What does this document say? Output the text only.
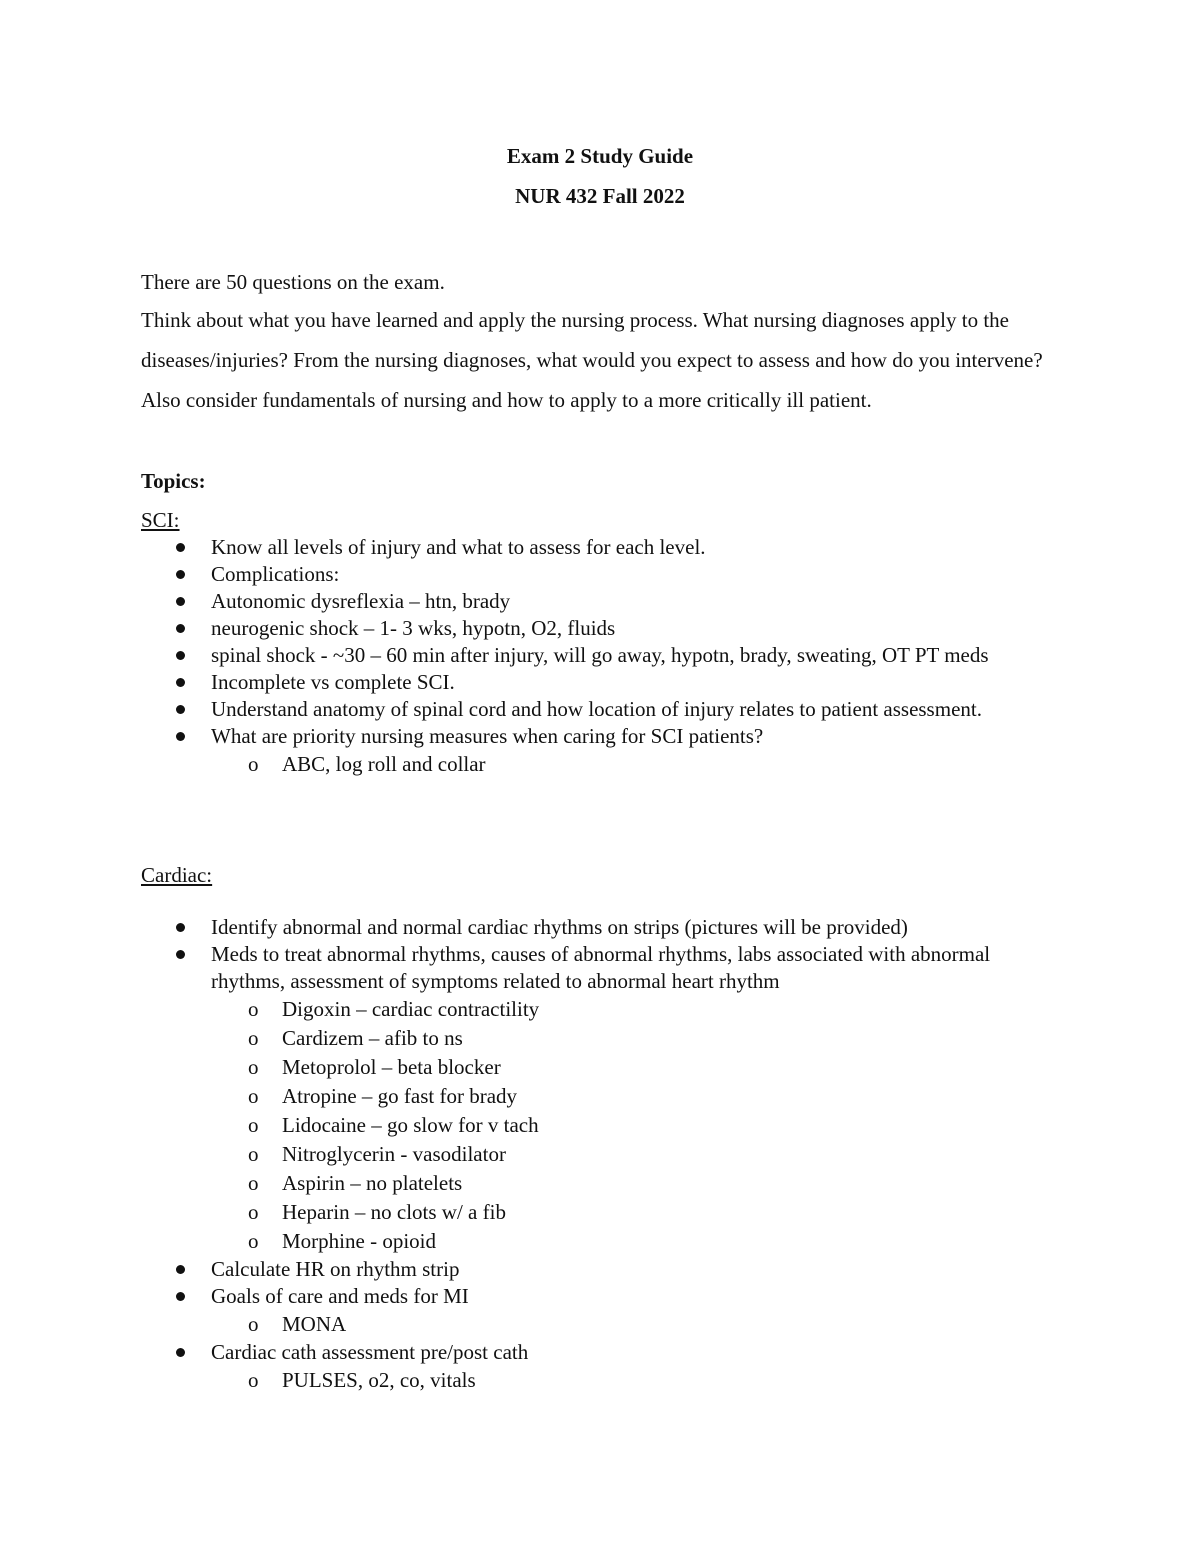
Exam 2 Study Guide
NUR 432 Fall 2022
There are 50 questions on the exam.
Think about what you have learned and apply the nursing process. What nursing diagnoses apply to the diseases/injuries? From the nursing diagnoses, what would you expect to assess and how do you intervene? Also consider fundamentals of nursing and how to apply to a more critically ill patient.
Topics:
SCI:
Know all levels of injury and what to assess for each level.
Complications:
Autonomic dysreflexia – htn, brady
neurogenic shock – 1- 3 wks, hypotn, O2, fluids
spinal shock - ~30 – 60 min after injury, will go away, hypotn, brady, sweating, OT PT meds
Incomplete vs complete SCI.
Understand anatomy of spinal cord and how location of injury relates to patient assessment.
What are priority nursing measures when caring for SCI patients?
o ABC, log roll and collar
Cardiac:
Identify abnormal and normal cardiac rhythms on strips (pictures will be provided)
Meds to treat abnormal rhythms, causes of abnormal rhythms, labs associated with abnormal rhythms, assessment of symptoms related to abnormal heart rhythm
o Digoxin – cardiac contractility
o Cardizem – afib to ns
o Metoprolol – beta blocker
o Atropine – go fast for brady
o Lidocaine – go slow for v tach
o Nitroglycerin - vasodilator
o Aspirin – no platelets
o Heparin – no clots w/ a fib
o Morphine - opioid
Calculate HR on rhythm strip
Goals of care and meds for MI
o MONA
Cardiac cath assessment pre/post cath
o PULSES, o2, co, vitals
